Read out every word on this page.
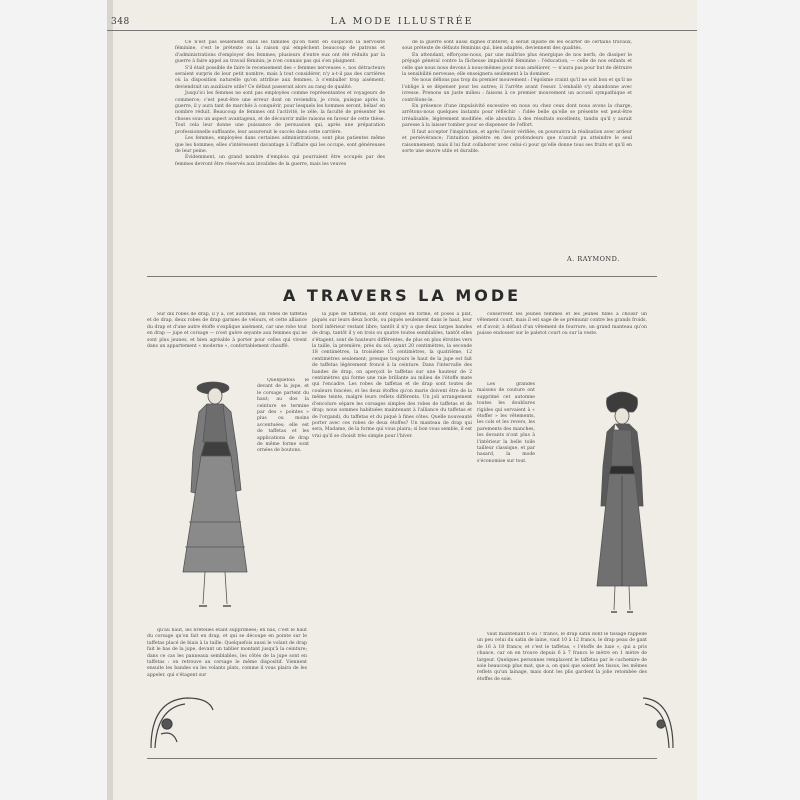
348	LA MODE ILLUSTRÉE

Ce n'est pas seulement dans les familles qu'on tient en suspicion la nervosité féminine, c'est le prétexte ou la raison qui empêchent beaucoup de patrons et d'administrations d'employer des femmes; plusieurs d'entre eux ont été réduits par la guerre à faire appel au travail féminin; je n'en connais pas qui s'en plaignent.

S'il était possible de faire le recensement des « femmes nerveuses », nos détracteurs seraient surpris de leur petit nombre, mais à tout considérer, n'y a-t-il pas des carrières où la disposition naturelle qu'on attribue aux femmes, à s'emballer trop aisément, deviendrait un auxiliaire utile? Ce défaut passerait alors au rang de qualité.

Jusqu'ici les femmes ne sont pas employées comme représentantes et voyageurs de commerce; c'est peut-être une erreur dont on reviendra, je crois, puisque après la guerre, il y aura tant de marchés à conquérir, pour lesquels les hommes seront, hélas! en nombre réduit. Beaucoup de femmes ont l'activité, le zèle, la faculté de présenter les choses sous un aspect avantageux, et de découvrir mille raisons en faveur de cette thèse. Tout cela leur donne une puissance de persuasion qui, après une préparation professionnelle suffisante, leur assurerait le succès dans cette carrière.

Les femmes, employées dans certaines administrations, sont plus patientes même que les hommes; elles s'intéressent davantage à l'affaire qui les occupe, sont généreuses de leur peine.

Évidemment, un grand nombre d'emplois qui pourraient être occupés par des femmes devront être réservés aux invalides de la guerre, mais les veuves

de la guerre sont aussi dignes d'intérêt; il serait injuste de les écarter de certains travaux, sous prétexte de défauts féminins qui, bien adaptés, deviennent des qualités.

En attendant, efforçons-nous, par une maîtrise plus énergique de nos nerfs, de dissiper le préjugé général contre la fâcheuse impulsivité féminine : l'éducation, — celle de nos enfants et celle que nous nous devons à nous-mêmes pour nous améliorer, — n'aura pas pour but de détruire la sensibilité nerveuse; elle enseignera seulement à la dominer.

Ne nous défions pas trop du premier mouvement : l'égoïsme craint qu'il ne soit bon et qu'il ne l'oblige à se dépenser pour les autres; il l'arrête avant l'essor. L'emballé s'y abandonne avec ivresse. Prenons un juste milieu : faisons à ce premier mouvement un accueil sympathique et contrôlons-le.

En présence d'une impulsivité excessive en nous ou chez ceux dont nous avons la charge, arrêtons-nous quelques instants pour réfléchir : l'idée belle qu'elle se présente est peut-être irréalisable, légèrement modifiée, elle aboutira à des résultats excellents, tandis qu'il y aurait paresse à la laisser tomber pour se dispenser de l'effort.

Il faut accepter l'inspiration, et après l'avoir vérifiée, on poursuivra la réalisation avec ardeur et persévérance; l'intuition pénètre en des profondeurs que n'aurait pu atteindre le seul raisonnement; mais il lui faut collaborer avec celui-ci pour qu'elle donne tous ses fruits et qu'il en sorte une œuvre utile et durable.

A. RAYMOND.
A TRAVERS LA MODE

Sur dix robes de drap, il y a, cet automne, six robes de taffetas et de drap, deux robes de drap garnies de velours, et cette alliance du drap et d'une autre étoffe s'explique aisément, car une robe tout en drap — jupe et corsage — n'est guère seyante aux femmes qui ne sont plus jeunes, et bien agréable à porter pour celles qui vivent dans un appartement « moderne », confortablement chauffé.

Quelquefois le devant de la jupe, et le corsage partent du haut; au dos la ceinture se termine par des « pointes » plus ou moins accentuées; elle est de taffetas et les applications de drap de même forme sont ornées de boutons.

qu'au haut, les bretelles étant supprimées; en bas, c'est le haut du corsage qu'on fait en drap, et qui se découpe en pointe sur le taffetas placé de biais à la taille. Quelquefois aussi le volant de drap fait le bas de la jupe, devant un tablier montant jusqu'à la ceinture; dans ce cas les panneaux semblables, les côtés de la jupe sont en taffetas : on retrouve au corsage le même dispositif. Viennent ensuite les bandes ou les volants plats, comme il vous plaira de les appeler, qui s'étagent sur

la jupe de taffetas, ils sont coupés en forme, et posés à plat, piqués sur leurs deux bords, ou piqués seulement dans le haut, leur bord inférieur restant libre; tantôt il n'y a que deux larges bandes de drap, tantôt il y en trois ou quatre toutes semblables, tantôt elles s'étagent, sont de hauteurs différentes, de plus en plus étroites vers la taille, la première, près du sol, ayant 20 centimètres, la seconde 18 centimètres, la troisième 15 centimètres, la quatrième, 12 centimètres seulement; presque toujours le haut de la jupe est fait de taffetas légèrement froncé à la ceinture. Dans l'intervalle des bandes de drap, on aperçoit le taffetas sur une hauteur de 2 centimètres qui forme une raie brillante au milieu de l'étoffe mate qui l'encadre. Les robes de taffetas et de drap sont toutes de couleurs foncées, et les deux étoffes qu'on marie doivent être de la même teinte, malgré leurs reflets différents. Un joli arrangement d'encolure sépare les corsages simples des robes de taffetas et de drap; nous sommes habituées maintenant à l'alliance du taffetas et de l'organdi, du taffetas et du piqué à fines côtes. Quelle nouveauté porter avec ces robes de deux étoffes? Un manteau de drap qui sera, Madame, de la forme qui vous plaira; si bon vous semble, il est vrai qu'il se choisit très simple pour l'hiver.

conservent les jeunes femmes et les jeunes filles à choisir un vêtement court, mais il est sage de se prémunir contre les grands froids, et d'avoir, à défaut d'un vêtement de fourrure, un grand manteau qu'on puisse endosser sur le paletot court ou sur la veste.

Les grandes maisons de couture ont supprimé cet automne toutes les doublures rigides qui servaient à « étoffer » les vêtements, les cols et les revers, les parements des manches, les devants n'ont plus à l'intérieur la belle toile tailleur classique, et par hasard, la mode s'économise sur tout.

vaut maintenant 6 ou 7 francs, le drap satin dont le tissage rappelle un peu celui du satin de laine, vaut 10 à 12 francs, le drap peau de gant de 16 à 18 francs; et c'est le taffetas, « l'étoffe de luxe », qui a pris chance, car on en trouve depuis 6 à 7 francs le mètre en 1 mètre de largeur. Quelques personnes remplacent le taffetas par le cachemire de soie beaucoup plus mat, que a, on quoi que soient les tissus, les mêmes reflets qu'un lainage, mais dont les plis gardent la jolie retombée des étoffes de soie.
